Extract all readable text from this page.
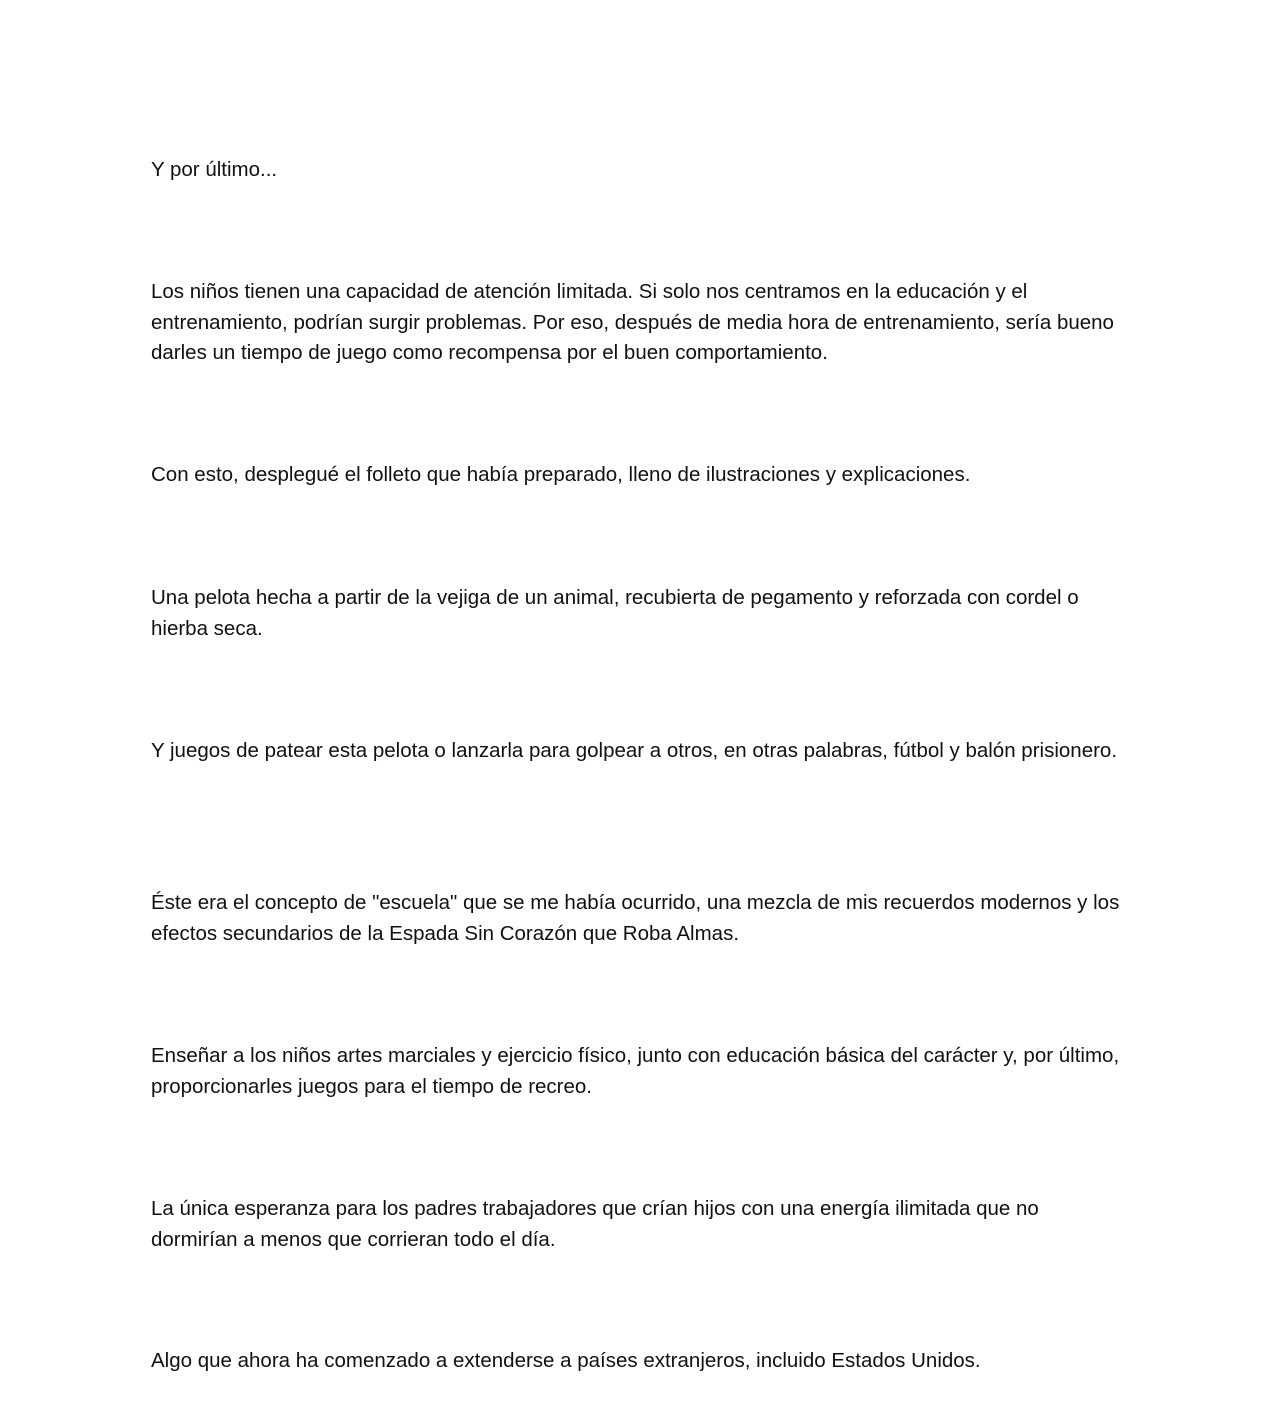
Y por último...

Los niños tienen una capacidad de atención limitada. Si solo nos centramos en la educación y el entrenamiento, podrían surgir problemas. Por eso, después de media hora de entrenamiento, sería bueno darles un tiempo de juego como recompensa por el buen comportamiento.

Con esto, desplegué el folleto que había preparado, lleno de ilustraciones y explicaciones.

Una pelota hecha a partir de la vejiga de un animal, recubierta de pegamento y reforzada con cordel o hierba seca.

Y juegos de patear esta pelota o lanzarla para golpear a otros, en otras palabras, fútbol y balón prisionero.

Éste era el concepto de "escuela" que se me había ocurrido, una mezcla de mis recuerdos modernos y los efectos secundarios de la Espada Sin Corazón que Roba Almas.

Enseñar a los niños artes marciales y ejercicio físico, junto con educación básica del carácter y, por último, proporcionarles juegos para el tiempo de recreo.

La única esperanza para los padres trabajadores que crían hijos con una energía ilimitada que no dormirían a menos que corrieran todo el día.

Algo que ahora ha comenzado a extenderse a países extranjeros, incluido Estados Unidos.
